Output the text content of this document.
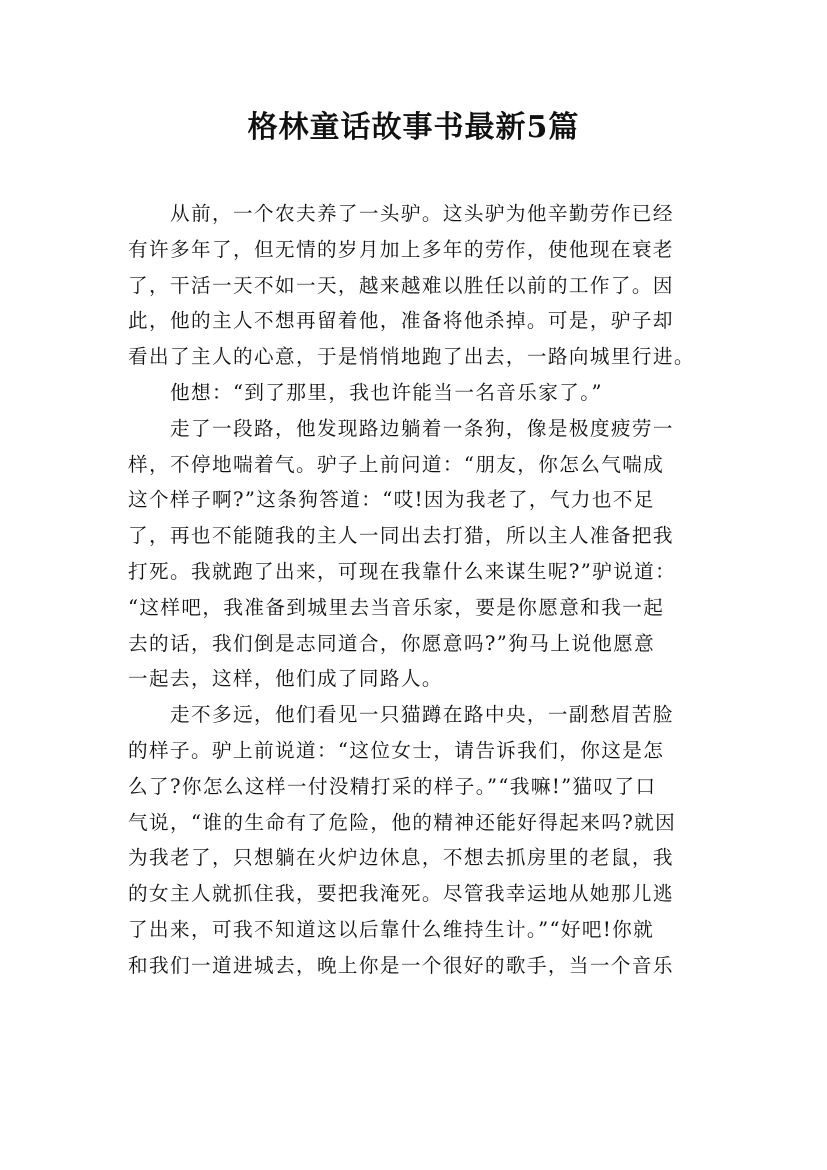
格林童话故事书最新5篇
　　从前，一个农夫养了一头驴。这头驴为他辛勤劳作已经
有许多年了，但无情的岁月加上多年的劳作，使他现在衰老
了，干活一天不如一天，越来越难以胜任以前的工作了。因
此，他的主人不想再留着他，准备将他杀掉。可是，驴子却
看出了主人的心意，于是悄悄地跑了出去，一路向城里行进。
　　他想：“到了那里，我也许能当一名音乐家了。”
　　走了一段路，他发现路边躺着一条狗，像是极度疲劳一
样，不停地喘着气。驴子上前问道：“朋友，你怎么气喘成
这个样子啊?”这条狗答道：“哎!因为我老了，气力也不足
了，再也不能随我的主人一同出去打猎，所以主人准备把我
打死。我就跑了出来，可现在我靠什么来谋生呢?”驴说道：
“这样吧，我准备到城里去当音乐家，要是你愿意和我一起
去的话，我们倒是志同道合，你愿意吗?”狗马上说他愿意
一起去，这样，他们成了同路人。
　　走不多远，他们看见一只猫蹲在路中央，一副愁眉苦脸
的样子。驴上前说道：“这位女士，请告诉我们，你这是怎
么了?你怎么这样一付没精打采的样子。”“我嘛!”猫叹了口
气说，“谁的生命有了危险，他的精神还能好得起来吗?就因
为我老了，只想躺在火炉边休息，不想去抓房里的老鼠，我
的女主人就抓住我，要把我淹死。尽管我幸运地从她那儿逃
了出来，可我不知道这以后靠什么维持生计。”“好吧!你就
和我们一道进城去，晚上你是一个很好的歌手，当一个音乐
